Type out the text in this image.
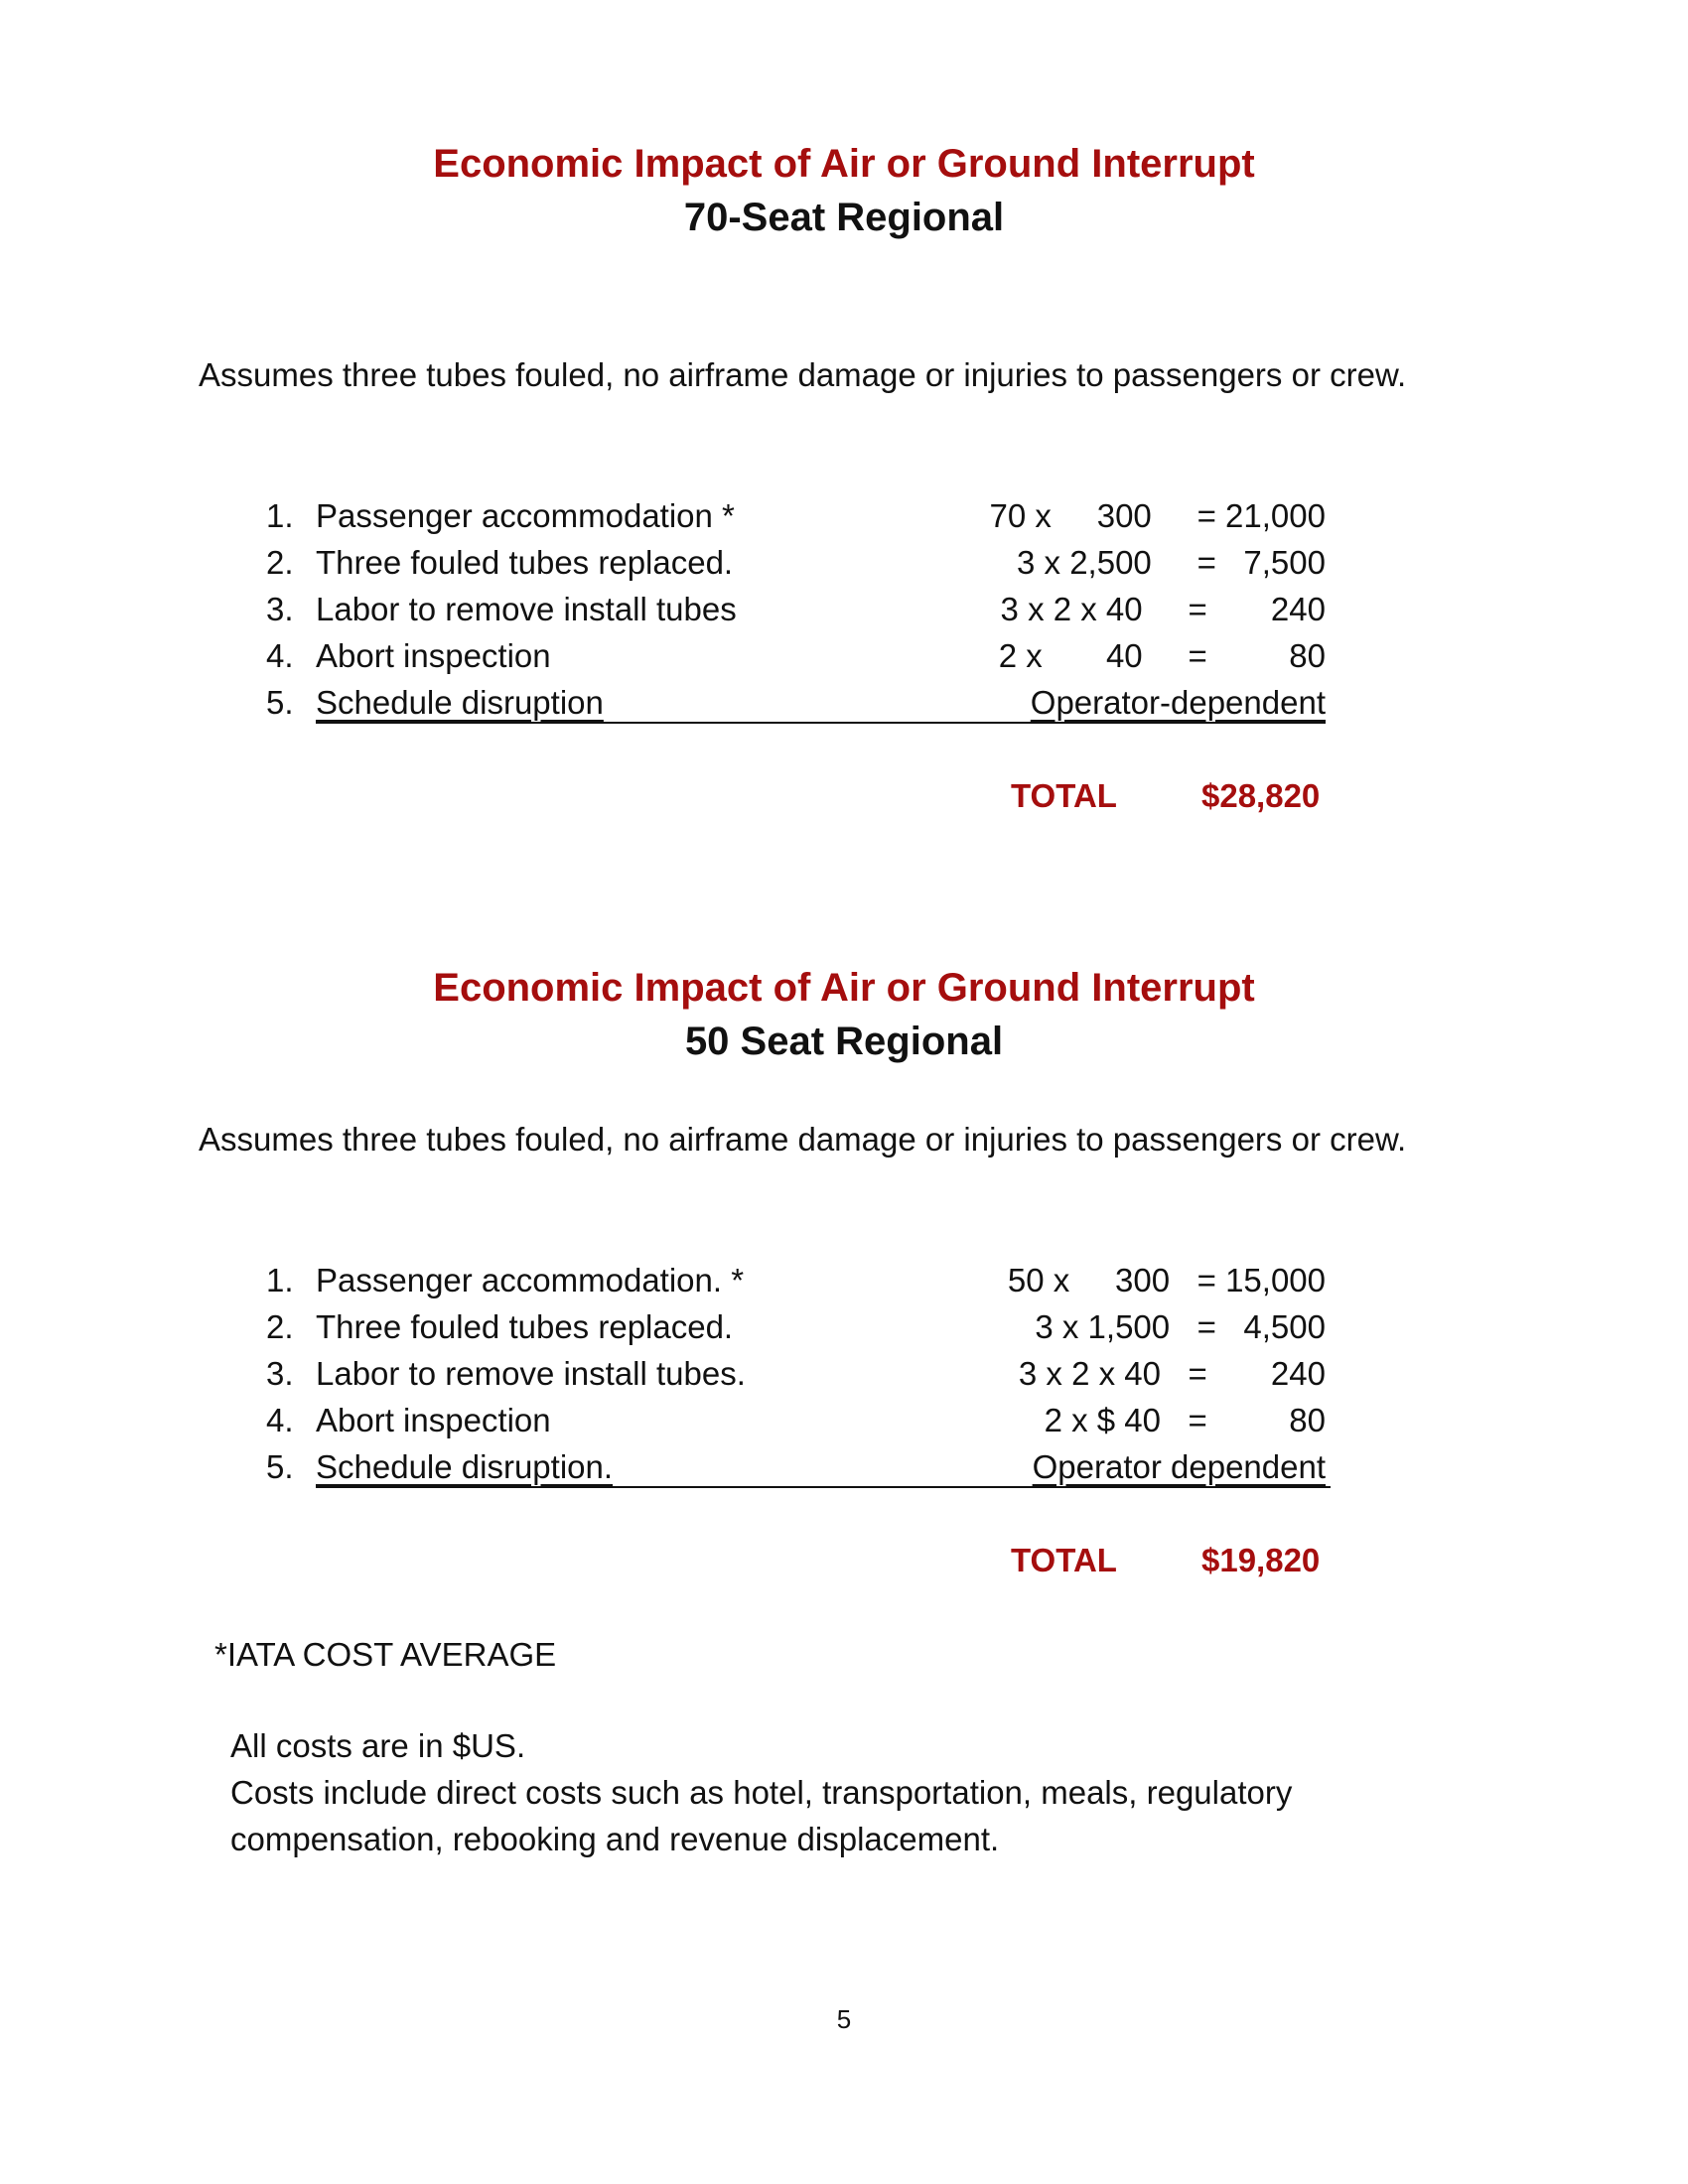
Economic Impact of Air or Ground Interrupt
70-Seat Regional
Assumes three tubes fouled, no airframe damage or injuries to passengers or crew.
1. Passenger accommodation *	70 x     300     = 21,000
2. Three fouled tubes replaced.	3 x 2,500     =   7,500
3. Labor to remove install tubes	3 x 2 x 40     =       240
4. Abort inspection	2 x       40     =         80
5. Schedule disruption	Operator-dependent
TOTAL	$28,820
Economic Impact of Air or Ground Interrupt
50 Seat Regional
Assumes three tubes fouled, no airframe damage or injuries to passengers or crew.
1. Passenger accommodation. *	50 x     300   = 15,000
2. Three fouled tubes replaced.	3 x 1,500   =   4,500
3. Labor to remove install tubes.	3 x 2 x 40   =       240
4. Abort inspection	2 x $ 40   =         80
5. Schedule disruption.	Operator dependent
TOTAL	$19,820
*IATA COST AVERAGE
All costs are in $US.
Costs include direct costs such as hotel, transportation, meals, regulatory
compensation, rebooking and revenue displacement.
5
